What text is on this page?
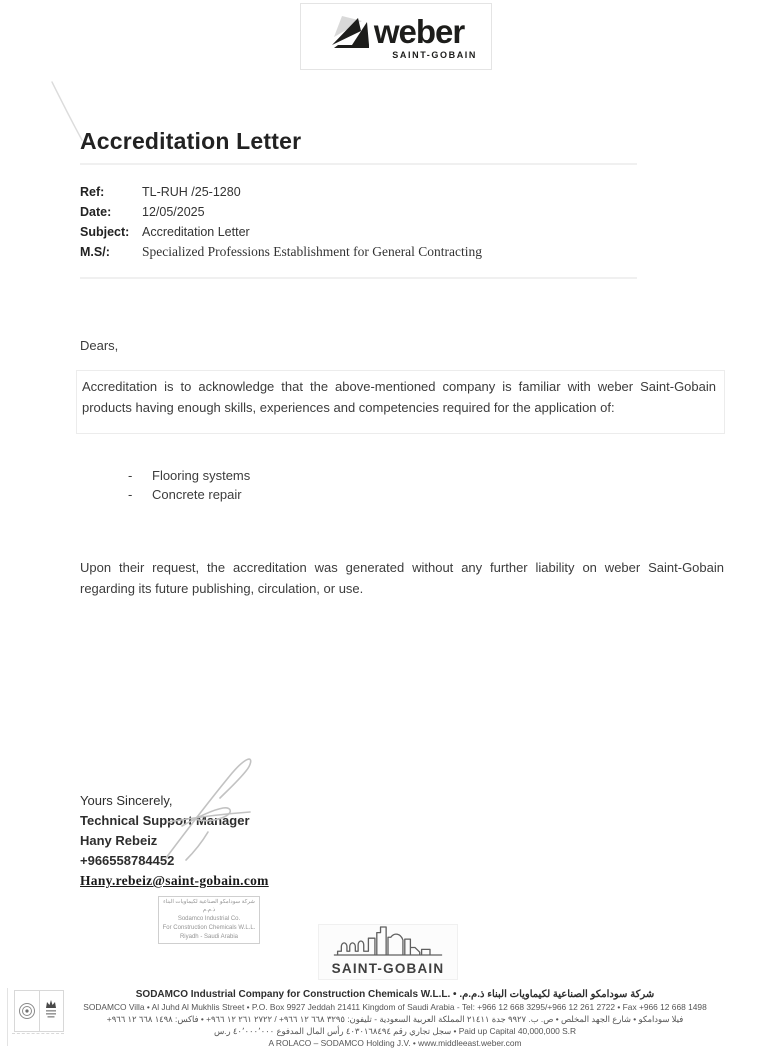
weber
SAINT-GOBAIN
Accreditation Letter
Ref:	TL-RUH /25-1280
Date:	12/05/2025
Subject:	Accreditation Letter
M.S/:	Specialized Professions Establishment for General Contracting
Dears,
Accreditation is to acknowledge that the above-mentioned company is familiar with weber Saint-Gobain products having enough skills, experiences and competencies required for the application of:
-	Flooring systems
-	Concrete repair
Upon their request, the accreditation was generated without any further liability on weber Saint-Gobain regarding its future publishing, circulation, or use.
Yours Sincerely,
Technical Support Manager
Hany Rebeiz
+966558784452
Hany.rebeiz@saint-gobain.com
شركة سودامكو الصناعية لكيماويات البناء ذ.م.م
Sodamco Industrial Co.
For Construction Chemicals W.L.L.
Riyadh - Saudi Arabia
SAINT-GOBAIN
SODAMCO Industrial Company for Construction Chemicals W.L.L. • شركة سودامكو الصناعية لكيماويات البناء ذ.م.م.
SODAMCO Villa • Al Juhd Al Mukhlis Street • P.O. Box 9927 Jeddah 21411 Kingdom of Saudi Arabia - Tel: +966 12 668 3295/+966 12 261 2722 • Fax +966 12 668 1498
فيلا سودامكو • شارع الجهد المخلص • ص. ب. ٩٩٢٧ جدة ٢١٤١١ المملكة العربية السعودية - تليفون: ٣٢٩٥ ٦٦٨ ١٢ ٩٦٦+ / ٢٧٢٢ ٢٦١ ١٢ ٩٦٦+ • فاكس: ١٤٩٨ ٦٦٨ ١٢ ٩٦٦+
سجل تجاري رقم ٤٠٣٠١٦٨٤٩٤ رأس المال المدفوع ٤٠٬٠٠٠٬٠٠٠ ر.س • Paid up Capital 40,000,000 S.R
A ROLACO – SODAMCO Holding J.V. • www.middleeast.weber.com
